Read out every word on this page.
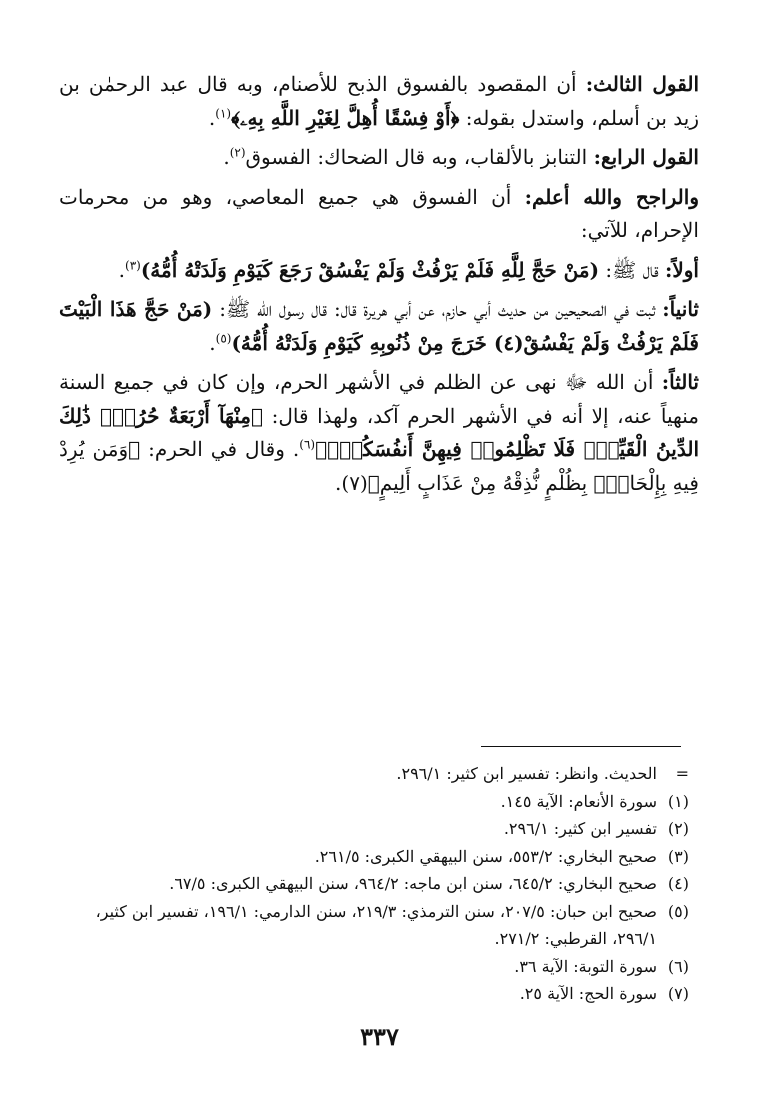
القول الثالث: أن المقصود بالفسوق الذبح للأصنام، وبه قال عبد الرحمٰن بن زيد بن أسلم، واستدل بقوله: ﴿أَوْ فِسْقًا أُهِلَّ لِغَيْرِ اللَّهِ بِهِۦ﴾$^{(١)}$.

القول الرابع: التنابز بالألقاب، وبه قال الضحاك: الفسوق$^{(٢)}$.

والراجح والله أعلم: أن الفسوق هي جميع المعاصي، وهو من محرمات الإحرام، للآتي:

أولاً: قال ﷺ: (مَنْ حَجَّ لِلَّهِ فَلَمْ يَرْفُثْ وَلَمْ يَفْسُقْ رَجَعَ كَيَوْمِ وَلَدَتْهُ أُمُّهُ)$^{(٣)}$.

ثانياً: ثبت في الصحيحين من حديث أبي حازم، عن أبي هريرة قال: قال رسول الله ﷺ: (مَنْ حَجَّ هَذَا الْبَيْتَ فَلَمْ يَرْفُثْ وَلَمْ يَفْسُقْ(٤) خَرَجَ مِنْ ذُنُوبِهِ كَيَوْمِ وَلَدَتْهُ أُمُّهُ)$^{(٥)}$.

ثالثاً: أن الله ﷻ نهى عن الظلم في الأشهر الحرم، وإن كان في جميع السنة منهياً عنه، إلا أنه في الأشهر الحرم آكد، ولهذا قال: ﴿مِنْهَآ أَرْبَعَةٌ حُرُمٌۚ ذَٰلِكَ الدِّينُ الْقَيِّمُۚ فَلَا تَظْلِمُوا۟ فِيهِنَّ أَنفُسَكُمْۚ﴾$^{(٦)}$. وقال في الحرم: ﴿وَمَن يُرِدْ فِيهِ بِإِلْحَادٍۭ بِظُلْمٍ نُّذِقْهُ مِنْ عَذَابٍ أَلِيمٍ﴾(٧).

=
الحديث. وانظر: تفسير ابن كثير: ٢٩٦/١.
(١)
سورة الأنعام: الآية ١٤٥.
(٢)
تفسير ابن كثير: ٢٩٦/١.
(٣)
صحيح البخاري: ٥٥٣/٢، سنن البيهقي الكبرى: ٢٦١/٥.
(٤)
صحيح البخاري: ٦٤٥/٢، سنن ابن ماجه: ٩٦٤/٢، سنن البيهقي الكبرى: ٦٧/٥.
(٥)
صحيح ابن حبان: ٢٠٧/٥، سنن الترمذي: ٢١٩/٣، سنن الدارمي: ١٩٦/١، تفسير ابن كثير، ٢٩٦/١، القرطبي: ٢٧١/٢.
(٦)
سورة التوبة: الآية ٣٦.
(٧)
سورة الحج: الآية ٢٥.
٣٣٧
